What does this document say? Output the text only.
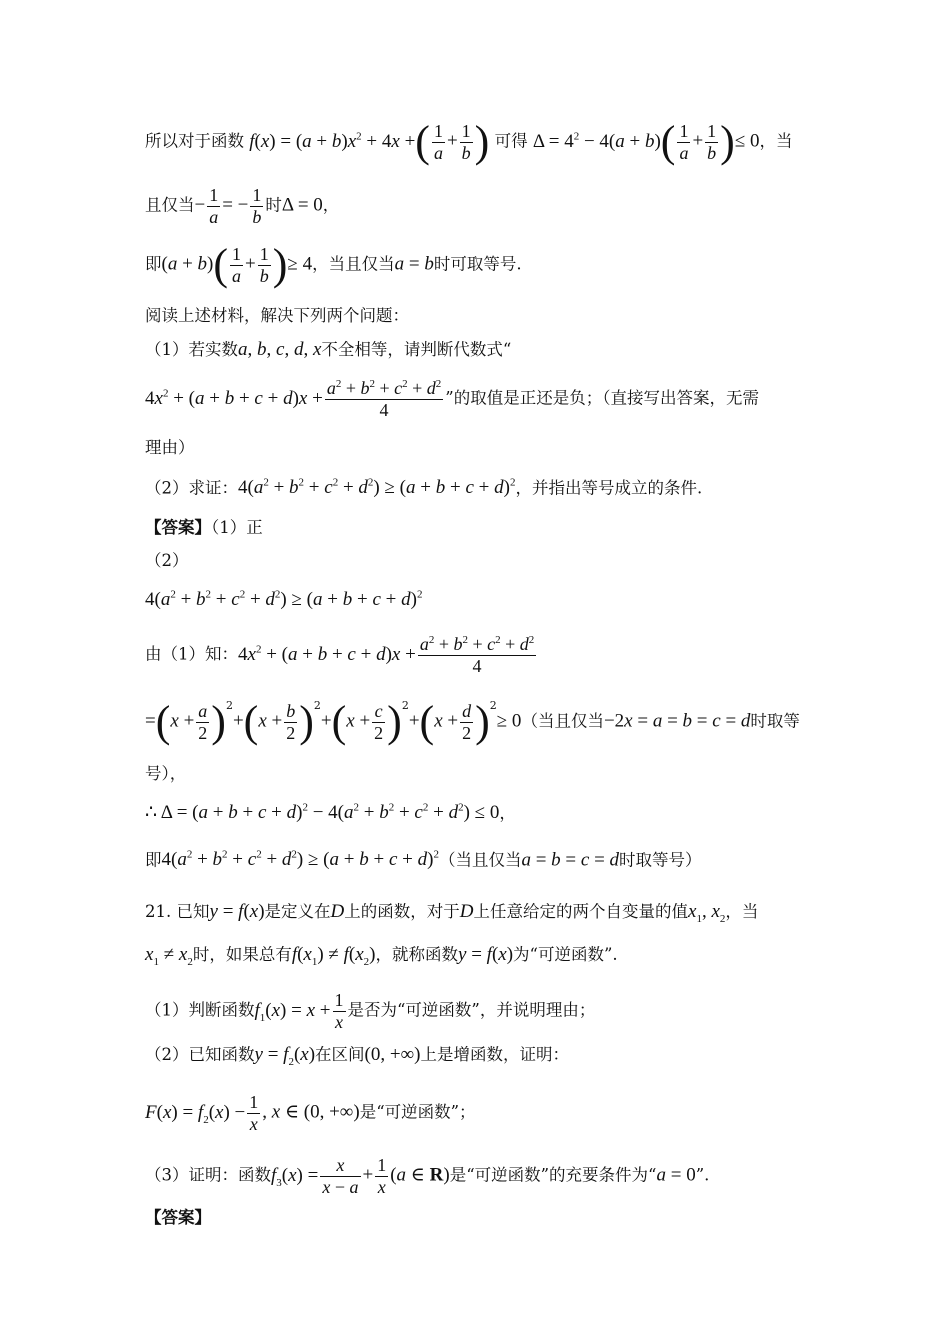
所以对于函数 $f(x) = (a + b)x^2 + 4x$ +( $\frac{1}{a} + \frac{1}{b}$ ) 可得 $\Delta = 4^2 - 4(a + b)( \frac{1}{a} + \frac{1}{b}$ )≤ 0，当
且仅当− $\frac{1}{a}$ = − $\frac{1}{b}$ 时Δ = 0，
即$(a + b)( \frac{1}{a} + \frac{1}{b}$ )≥ 4，当且仅当a = b时可取等号.
阅读上述材料，解决下列两个问题：
（1）若实数a, b, c, d, x不全相等，请判断代数式“
$4x^2 + (a + b + c + d)x + \frac{a^2 + b^2 + c^2 + d^2}{4}$ ”的取值是正还是负；（直接写出答案，无需
理由）
（2）求证：$4(a^2 + b^2 + c^2 + d^2) \ge (a + b + c + d)^2$，并指出等号成立的条件.
【答案】（1）正
（2）
$4(a^2 + b^2 + c^2 + d^2) \ge (a + b + c + d)^2$
由（1）知：$4x^2 + (a + b + c + d)x + \frac{a^2 + b^2 + c^2 + d^2}{4}$
$=(x + \frac{a}{2} )^2+(x + \frac{b}{2} )^2+(x + \frac{c}{2} )^2+(x + \frac{d}{2} )^2\ge 0$（当且仅当−2x = a = b = c = d时取等
号），
∴ $\Delta = (a + b + c + d)^2 - 4(a^2 + b^2 + c^2 + d^2) \le 0$，
即$4(a^2 + b^2 + c^2 + d^2) \ge (a + b + c + d)^2$（当且仅当a = b = c = d时取等号）
21. 已知y = f(x)是定义在D上的函数，对于D上任意给定的两个自变量的值$x_1$, $x_2$，当
$x_1 \ne x_2$时，如果总有$f(x_1) \ne f(x_2)$，就称函数y = f(x)为“可逆函数”.
（1）判断函数$f_1(x) = x + \frac{1}{x}$ 是否为“可逆函数”，并说明理由；
（2）已知函数$y = f_2(x)$在区间(0, +∞)上是增函数，证明：
$F(x) = f_2(x) - \frac{1}{x}$ , x ∈ (0, +∞)是“可逆函数”；
（3）证明：函数$f_3(x) = \frac{x}{x - a} + \frac{1}{x} (a$ ∈ R)是“可逆函数”的充要条件为“a = 0”.
【答案】
